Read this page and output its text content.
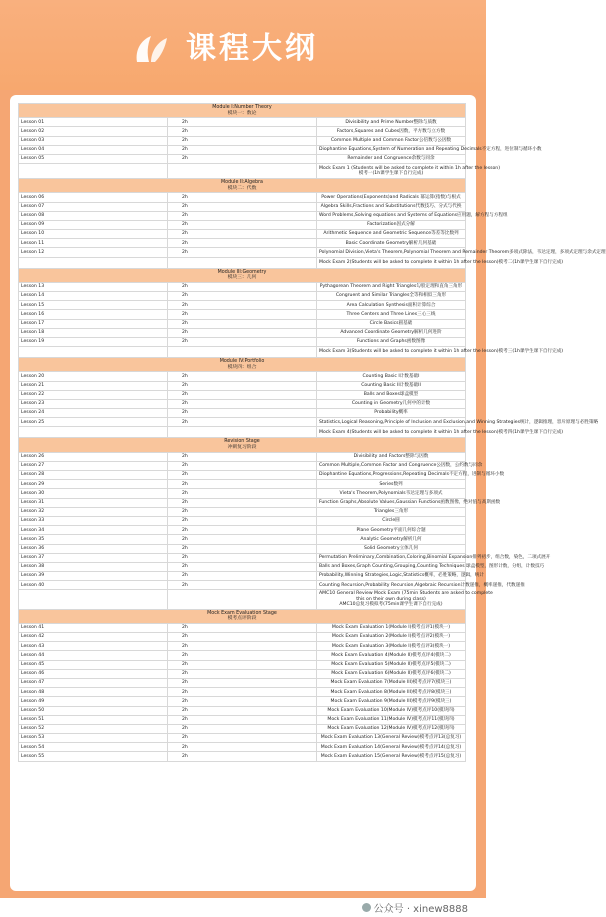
课程大纲
Module I:Number Theory
模块一：数论		

Lesson 01	2h	Divisibility and Prime Number整除与质数
Lesson 02	2h	Factors,Squares and Cubes因数，平方数与立方数
Lesson 03	2h	Common Multiple and Common Factor公倍数与公因数
Lesson 04	2h	Diophantine Equations,System of Numeration and Repeating Decimals不定方程，进位制与循环小数
Lesson 05	2h	Remainder and Congruence余数与同余

		Mock Exam 1 (Students will be asked to complete it within 1h after the lesson)
模考一(1h课学生课下自行完成)

Module II:Algebra
模块二：代数		

Lesson 06	2h	Power Operations(Exponents)and Radicals 幂运算(指数)与根式
Lesson 07	2h	Algebra Skills,Fractions and Substitutions代数技巧、分式与代换
Lesson 08	2h	Word Problems,Solving equations and Systems of Equations应用题，解方程与方程组
Lesson 09	2h	Factorization因式分解
Lesson 10	2h	Arithmetic Sequence and Geometric Sequence等差等比数列
Lesson 11	2h	Basic Coordinate Geometry解析几何基础
Lesson 12	2h	Polynomial Division,Vieta's Theorem,Polynomial Theorem and Remainder Theorem多项式除法，韦达定理，多项式定理与余式定理

		Mock Exam 2(Students will be asked to complete it within 1h after the lesson)模考二(1h课学生课下自行完成)

Module III:Geometry
模块三：几何		

Lesson 13	2h	Pythagorean Theorem and Right Triangles勾股定理和直角三角形
Lesson 14	2h	Congruent and Similar Triangles全等和相似三角形
Lesson 15	2h	Area Calculation Synthesis面积计算综合
Lesson 16	2h	Three Centers and Three Lines三心三线
Lesson 17	2h	Circle Basics圆基础
Lesson 18	2h	Advanced Coordinate Geometry解析几何进阶
Lesson 19	2h	Functions and Graphs函数图像

		Mock Exam 3(Students will be asked to complete it within 1h after the lesson)模考三(1h课学生课下自行完成)

Module IV:Portfolio
模块四：组合		

Lesson 20	2h	Counting Basic I计数基础I
Lesson 21	2h	Counting Basic II计数基础II
Lesson 22	2h	Balls and Boxes球盒模型
Lesson 23	2h	Counting in Geometry几何中的计数
Lesson 24	2h	Probability概率
Lesson 25	2h	Statistics,Logical Reasoning,Principle of Inclusion and Exclusion,and Winning Strategies统计，逻辑推理，容斥原理与必胜策略

		Mock Exam 4(Students will be asked to complete it within 1h after the lesson)模考四(1h课学生课下自行完成)

Revision Stage
冲刺复习阶段		

Lesson 26	2h	Divisibility and Factors整除与因数
Lesson 27	2h	Common Multiple,Common Factor and Congruence公因数，公约数与同余
Lesson 28	2h	Diophantine Equations,Progressions,Repeating Decimals不定方程，进制与循环小数
Lesson 29	2h	Series数列
Lesson 30	2h	Vieta's Theorem,Polynomials韦达定理与多项式
Lesson 31	2h	Function Graphs,Absolute Values,Gaussian Functions函数图像，绝对值与高斯函数
Lesson 32	2h	Triangles三角形
Lesson 33	2h	Circle圆
Lesson 34	2h	Plane Geometry平面几何综合题
Lesson 35	2h	Analytic Geometry解析几何
Lesson 36	2h	Solid Geometry立体几何
Lesson 37	2h	Permutation Preliminary,Combination,Coloring,Binomial Expansion排列初步，组合数，染色，二项式展开
Lesson 38	2h	Balls and Boxes,Graph Counting,Grouping,Counting Techniques 球盒模型，图形计数，分组，计数技巧
Lesson 39	2h	Probability,Winning Strategies,Logic,Statistics概率，必胜策略，逻辑，统计
Lesson 40	2h	Counting Recursion,Probability Recursion,Algebraic Recursion计数递推，概率递推，代数递推

		AMC10 General Review Mock Exam (75min Students are asked to complete
this on their own during class)
AMC10总复习模拟考(75min课学生课下自行完成)

Mock Exam Evaluation Stage
模考点评阶段		

Lesson 41	2h	Mock Exam Evaluation 1(Module I)模考点评1(模块一)
Lesson 42	2h	Mock Exam Evaluation 2(Module I)模考点评2(模块一)
Lesson 43	2h	Mock Exam Evaluation 3(Module I)模考点评3(模块一)
Lesson 44	2h	Mock Exam Evaluation 4(Module II)模考点评4(模块二)
Lesson 45	2h	Mock Exam Evaluation 5(Module II)模考点评5(模块二)
Lesson 46	2h	Mock Exam Evaluation 6(Module II)模考点评6(模块二)
Lesson 47	2h	Mock Exam Evaluation 7(Module III)模考点评7(模块三)
Lesson 48	2h	Mock Exam Evaluation 8(Module III)模考点评8(模块三)
Lesson 49	2h	Mock Exam Evaluation 9(Module III)模考点评9(模块三)
Lesson 50	2h	Mock Exam Evaluation 10(Module IV)模考点评10(模块四)
Lesson 51	2h	Mock Exam Evaluation 11(Module IV)模考点评11(模块四)
Lesson 52	2h	Mock Exam Evaluation 12(Module IV)模考点评12(模块四)
Lesson 53	2h	Mock Exam Evaluation 13(General Review)模考点评13(总复习)
Lesson 54	2h	Mock Exam Evaluation 14(General Review)模考点评14(总复习)
Lesson 55	2h	Mock Exam Evaluation 15(General Review)模考点评15(总复习)
公众号 · xinew8888
